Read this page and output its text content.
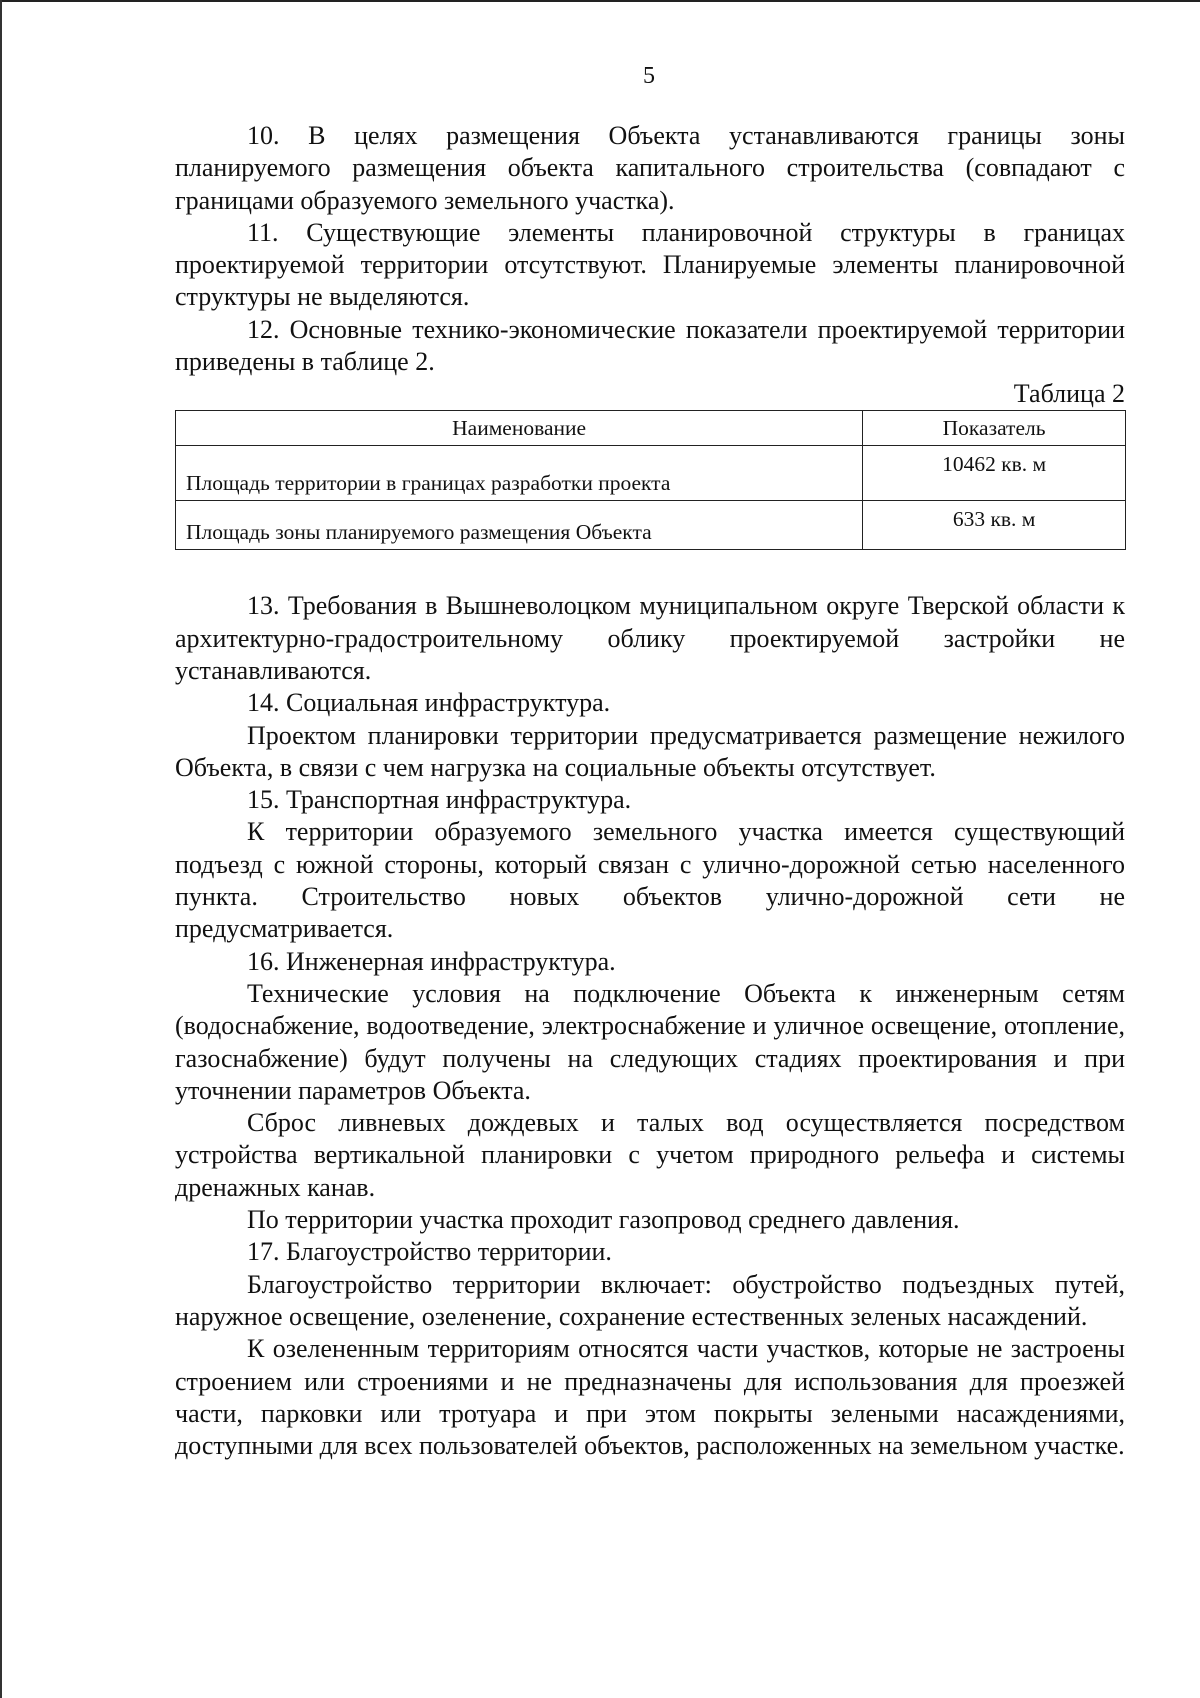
5

10. В целях размещения Объекта устанавливаются границы зоны планируемого размещения объекта капитального строительства (совпадают с границами образуемого земельного участка).

11. Существующие элементы планировочной структуры в границах проектируемой территории отсутствуют. Планируемые элементы планировочной структуры не выделяются.

12. Основные технико-экономические показатели проектируемой территории приведены в таблице 2.

Таблица 2

Наименование	Показатель
Площадь территории в границах разработки проекта	10462 кв. м
Площадь зоны планируемого размещения Объекта	633 кв. м

13. Требования в Вышневолоцком муниципальном округе Тверской области к архитектурно-градостроительному облику проектируемой застройки не устанавливаются.

14. Социальная инфраструктура.

Проектом планировки территории предусматривается размещение нежилого Объекта, в связи с чем нагрузка на социальные объекты отсутствует.

15. Транспортная инфраструктура.

К территории образуемого земельного участка имеется существующий подъезд с южной стороны, который связан с улично-дорожной сетью населенного пункта. Строительство новых объектов улично-дорожной сети не предусматривается.

16. Инженерная инфраструктура.

Технические условия на подключение Объекта к инженерным сетям (водоснабжение, водоотведение, электроснабжение и уличное освещение, отопление, газоснабжение) будут получены на следующих стадиях проектирования и при уточнении параметров Объекта.

Сброс ливневых дождевых и талых вод осуществляется посредством устройства вертикальной планировки с учетом природного рельефа и системы дренажных канав.

По территории участка проходит газопровод среднего давления.

17. Благоустройство территории.

Благоустройство территории включает: обустройство подъездных путей, наружное освещение, озеленение, сохранение естественных зеленых насаждений.

К озелененным территориям относятся части участков, которые не застроены строением или строениями и не предназначены для использования для проезжей части, парковки или тротуара и при этом покрыты зелеными насаждениями, доступными для всех пользователей объектов, расположенных на земельном участке.
